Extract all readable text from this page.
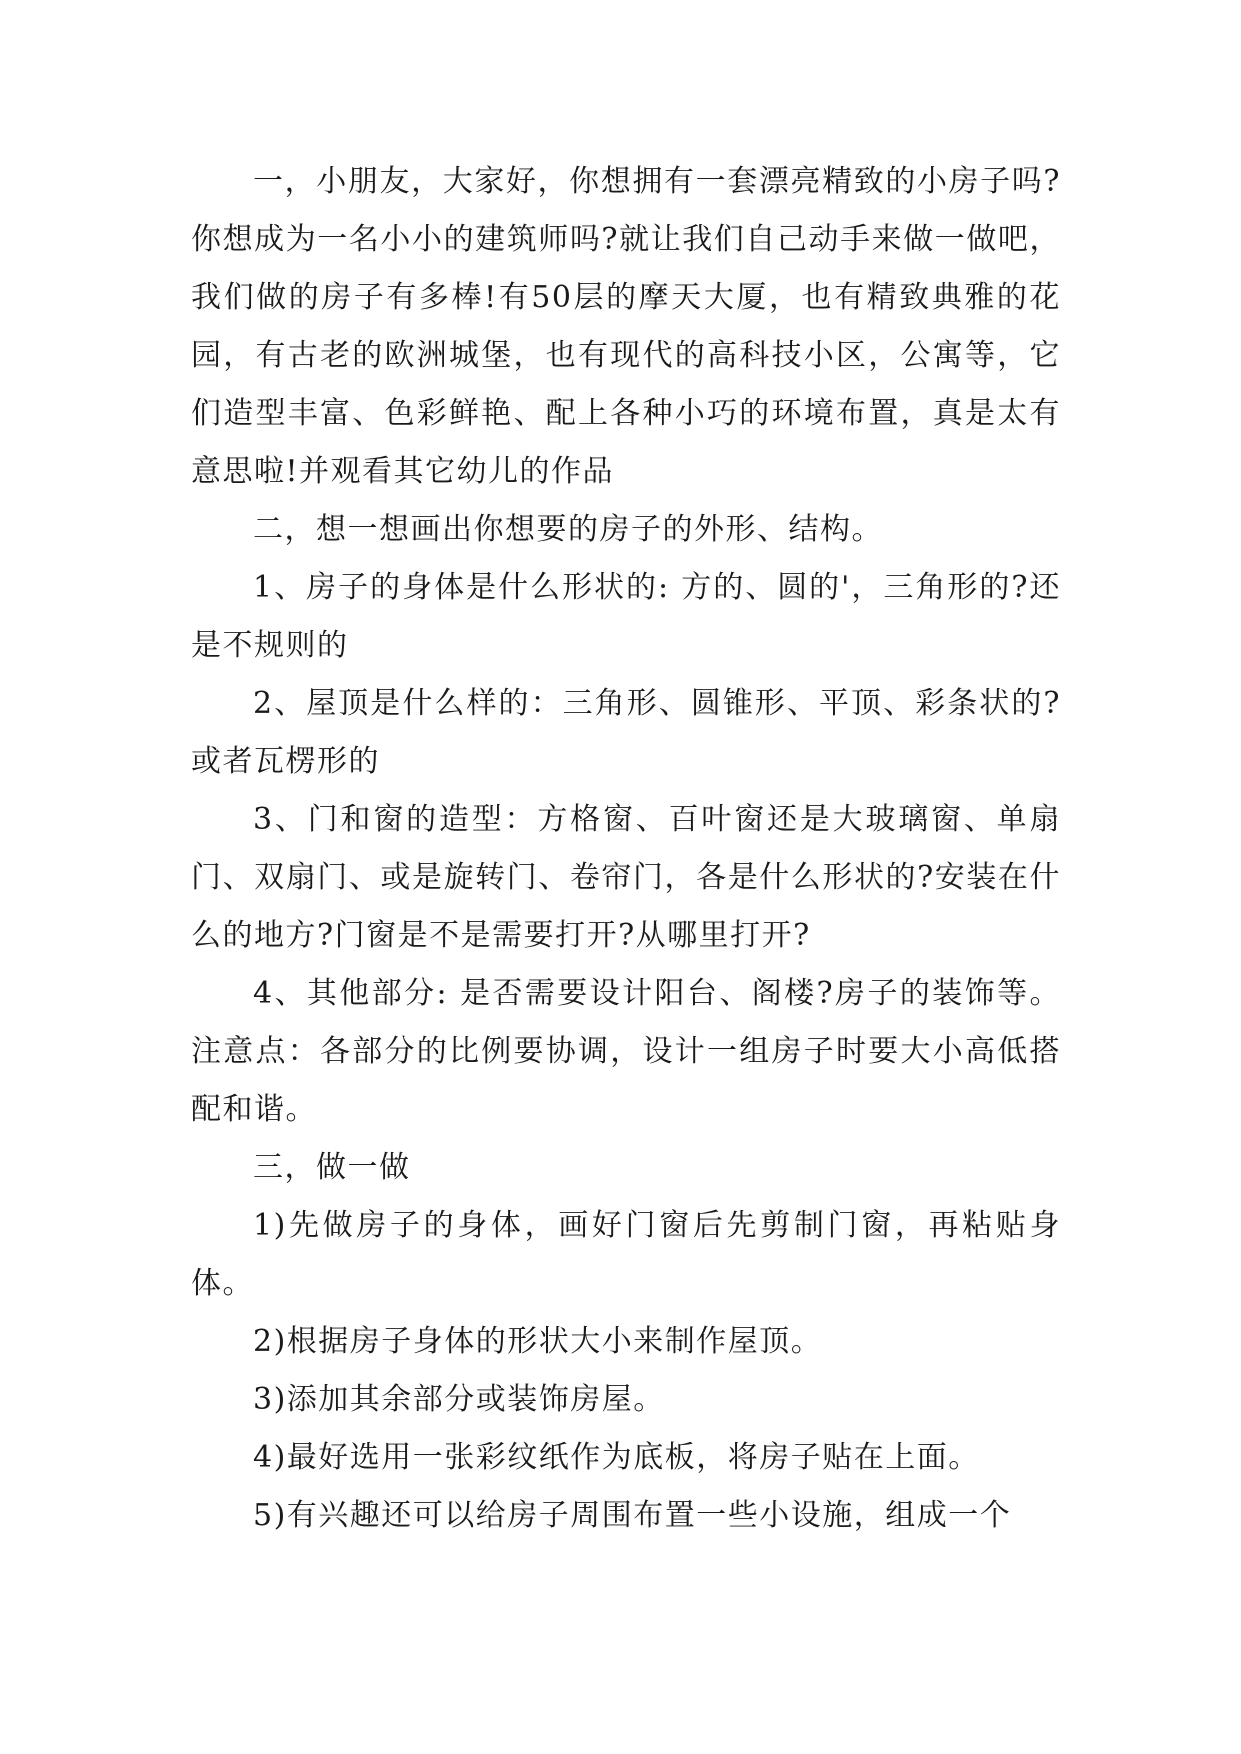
一，小朋友，大家好，你想拥有一套漂亮精致的小房子吗?你想成为一名小小的建筑师吗?就让我们自己动手来做一做吧，我们做的房子有多棒!有50层的摩天大厦，也有精致典雅的花园，有古老的欧洲城堡，也有现代的高科技小区，公寓等，它们造型丰富、色彩鲜艳、配上各种小巧的环境布置，真是太有意思啦!并观看其它幼儿的作品

二，想一想画出你想要的房子的外形、结构。

1、房子的身体是什么形状的: 方的、圆的'，三角形的?还是不规则的

2、屋顶是什么样的：三角形、圆锥形、平顶、彩条状的?或者瓦楞形的

3、门和窗的造型：方格窗、百叶窗还是大玻璃窗、单扇门、双扇门、或是旋转门、卷帘门，各是什么形状的?安装在什么的地方?门窗是不是需要打开?从哪里打开?

4、其他部分: 是否需要设计阳台、阁楼?房子的装饰等。注意点：各部分的比例要协调，设计一组房子时要大小高低搭配和谐。

三，做一做

1)先做房子的身体，画好门窗后先剪制门窗，再粘贴身体。

2)根据房子身体的形状大小来制作屋顶。

3)添加其余部分或装饰房屋。

4)最好选用一张彩纹纸作为底板，将房子贴在上面。

5)有兴趣还可以给房子周围布置一些小设施，组成一个
